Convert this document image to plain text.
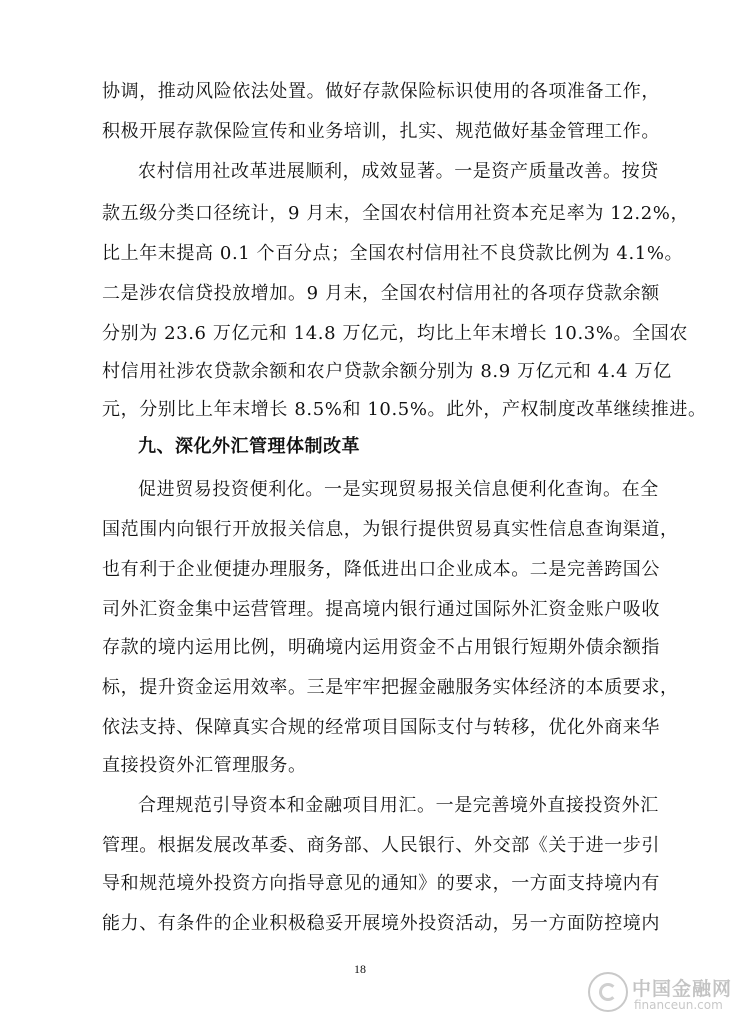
协调，推动风险依法处置。做好存款保险标识使用的各项准备工作，
积极开展存款保险宣传和业务培训，扎实、规范做好基金管理工作。
农村信用社改革进展顺利，成效显著。一是资产质量改善。按贷
款五级分类口径统计，9 月末，全国农村信用社资本充足率为 12.2%，
比上年末提高 0.1 个百分点；全国农村信用社不良贷款比例为 4.1%。
二是涉农信贷投放增加。9 月末，全国农村信用社的各项存贷款余额
分别为 23.6 万亿元和 14.8 万亿元，均比上年末增长 10.3%。全国农
村信用社涉农贷款余额和农户贷款余额分别为 8.9 万亿元和 4.4 万亿
元，分别比上年末增长 8.5%和 10.5%。此外，产权制度改革继续推进。
九、深化外汇管理体制改革
促进贸易投资便利化。一是实现贸易报关信息便利化查询。在全
国范围内向银行开放报关信息，为银行提供贸易真实性信息查询渠道，
也有利于企业便捷办理服务，降低进出口企业成本。二是完善跨国公
司外汇资金集中运营管理。提高境内银行通过国际外汇资金账户吸收
存款的境内运用比例，明确境内运用资金不占用银行短期外债余额指
标，提升资金运用效率。三是牢牢把握金融服务实体经济的本质要求，
依法支持、保障真实合规的经常项目国际支付与转移，优化外商来华
直接投资外汇管理服务。
合理规范引导资本和金融项目用汇。一是完善境外直接投资外汇
管理。根据发展改革委、商务部、人民银行、外交部《关于进一步引
导和规范境外投资方向指导意见的通知》的要求，一方面支持境内有
能力、有条件的企业积极稳妥开展境外投资活动，另一方面防控境内
18
中国金融网
financeun.com
